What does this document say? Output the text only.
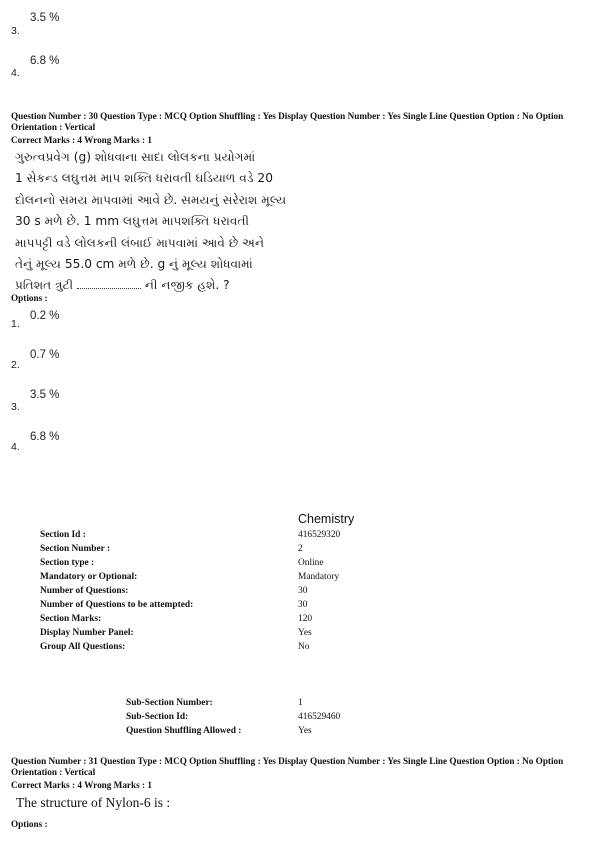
3.5 %
3.
6.8 %
4.
Question Number : 30 Question Type : MCQ Option Shuffling : Yes Display Question Number : Yes Single Line Question Option : No Option Orientation : Vertical
Correct Marks : 4 Wrong Marks : 1
ગુરુત્વપ્રવેગ (g) શોધવાના સાદા લોલકના પ્રયોગમાં
1 સેકન્ડ લઘુત્તમ માપ શક્તિ ધરાવતી ઘડિયાળ વડે 20
દોલનનો સમય માપવામાં આવે છે. સમયનું સરેરાશ મૂલ્ય
30 s મળે છે. 1 mm લઘુત્તમ માપશક્તિ ધરાવતી
માપપટ્ટી વડે લોલકની લંબાઈ માપવામાં આવે છે અને
તેનું મૂલ્ય 55.0 cm મળે છે. g નું મૂલ્ય શોધવામાં
પ્રતિશત ત્રુટી	ની નજીક હશે. ?
Options :
0.2 %
1.
0.7 %
2.
3.5 %
3.
6.8 %
4.
Chemistry
Section Id :	416529320
Section Number :	2
Section type :	Online
Mandatory or Optional:	Mandatory
Number of Questions:	30
Number of Questions to be attempted:	30
Section Marks:	120
Display Number Panel:	Yes
Group All Questions:	No
Sub-Section Number:	1
Sub-Section Id:	416529460
Question Shuffling Allowed :	Yes
Question Number : 31 Question Type : MCQ Option Shuffling : Yes Display Question Number : Yes Single Line Question Option : No Option Orientation : Vertical
Correct Marks : 4 Wrong Marks : 1
The structure of Nylon-6 is :
Options :
